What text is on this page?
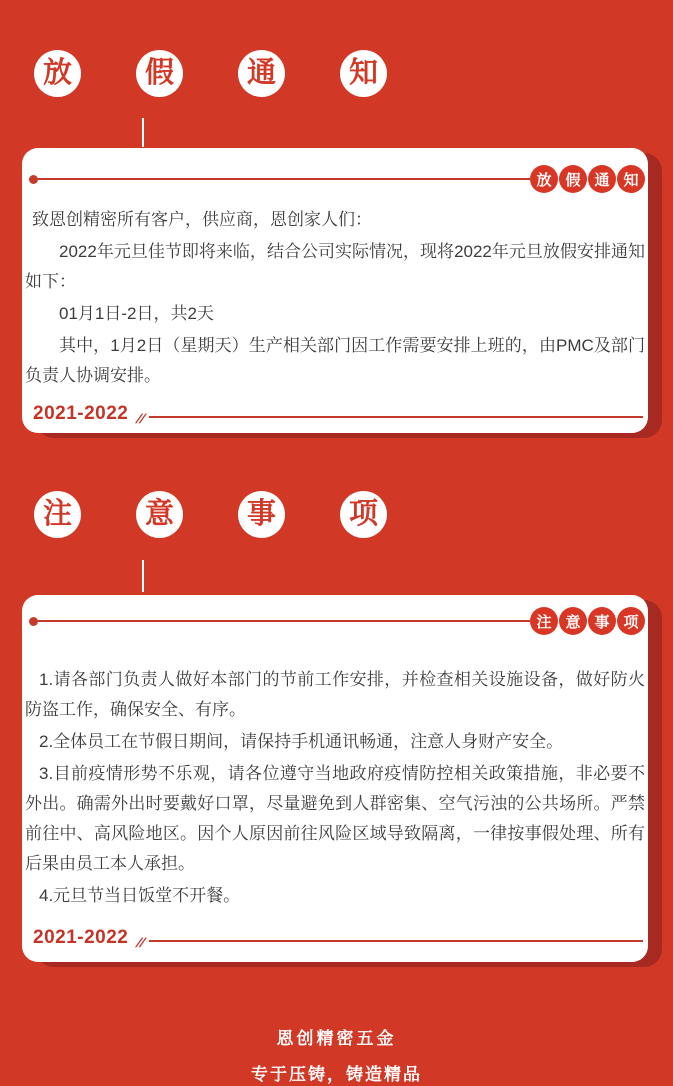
放	假	通	知
放 假 通 知

致恩创精密所有客户，供应商，恩创家人们：

2022年元旦佳节即将来临，结合公司实际情况，现将2022年元旦放假安排通知如下：

01月1日-2日，共2天

其中，1月2日（星期天）生产相关部门因工作需要安排上班的，由PMC及部门负责人协调安排。

2021-2022 //
注	意	事	项
注 意 事 项

1.请各部门负责人做好本部门的节前工作安排，并检查相关设施设备，做好防火防盗工作，确保安全、有序。

2.全体员工在节假日期间，请保持手机通讯畅通，注意人身财产安全。

3.目前疫情形势不乐观，请各位遵守当地政府疫情防控相关政策措施，非必要不外出。确需外出时要戴好口罩，尽量避免到人群密集、空气污浊的公共场所。严禁前往中、高风险地区。因个人原因前往风险区域导致隔离，一律按事假处理、所有后果由员工本人承担。

4.元旦节当日饭堂不开餐。

2021-2022 //
恩创精密五金
专于压铸，铸造精品
